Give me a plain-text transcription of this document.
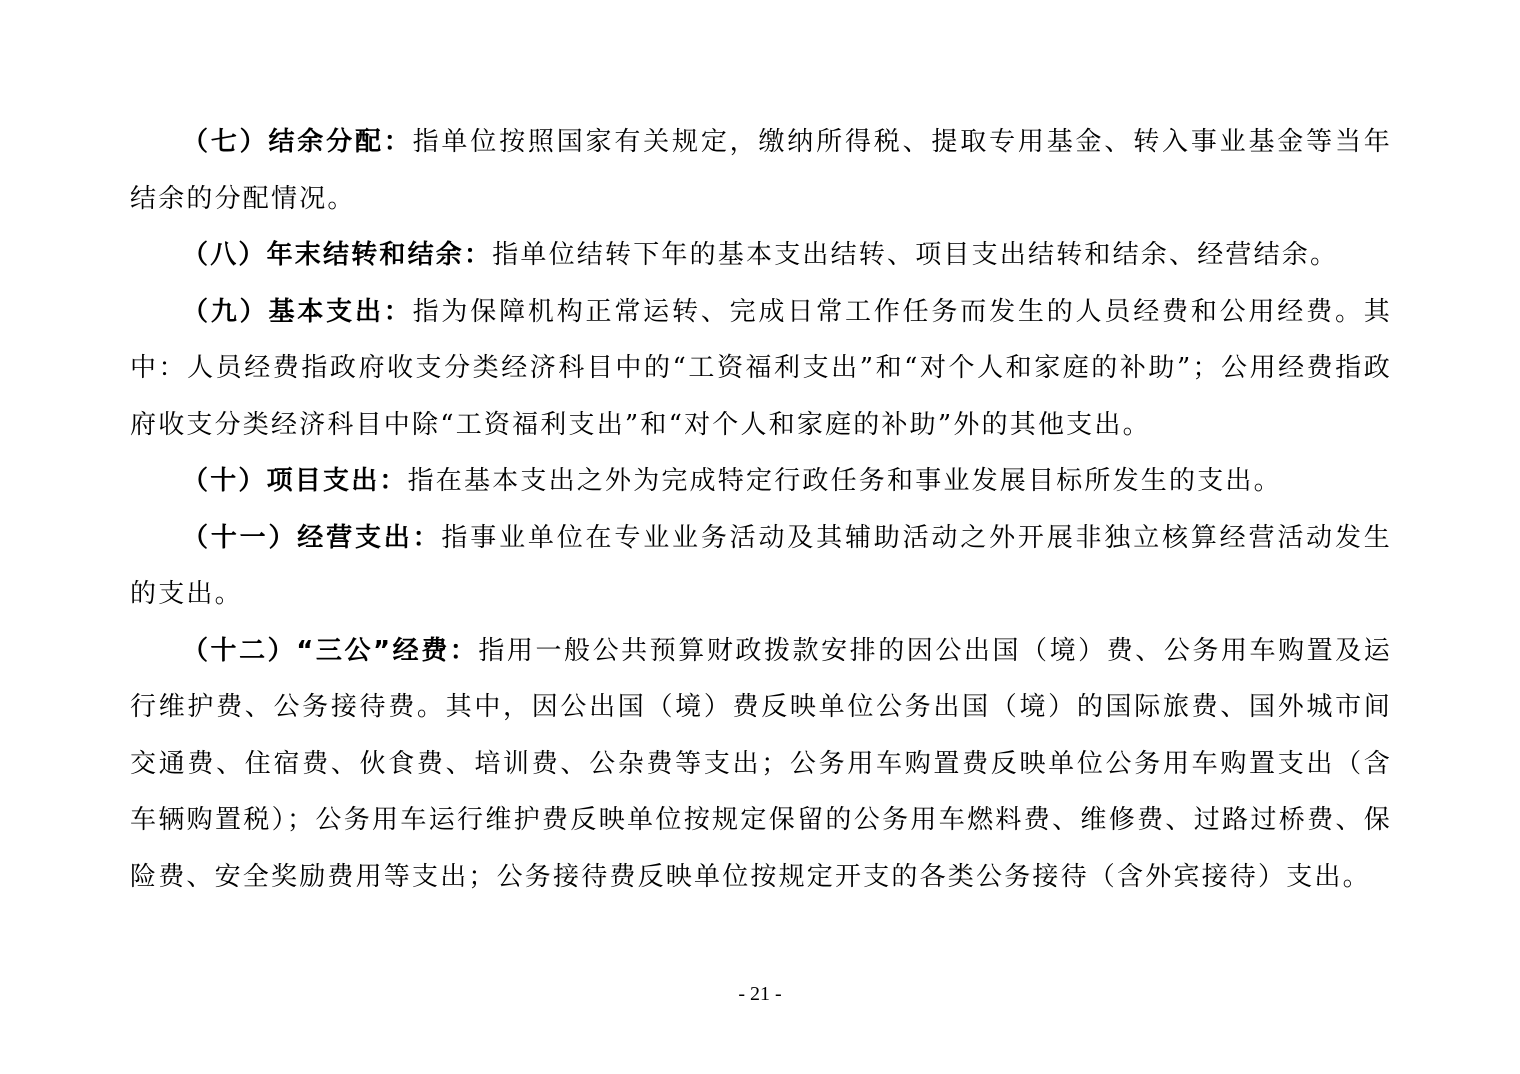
（七）结余分配：指单位按照国家有关规定，缴纳所得税、提取专用基金、转入事业基金等当年结余的分配情况。

（八）年末结转和结余：指单位结转下年的基本支出结转、项目支出结转和结余、经营结余。

（九）基本支出：指为保障机构正常运转、完成日常工作任务而发生的人员经费和公用经费。其中：人员经费指政府收支分类经济科目中的“工资福利支出”和“对个人和家庭的补助”；公用经费指政府收支分类经济科目中除“工资福利支出”和“对个人和家庭的补助”外的其他支出。

（十）项目支出：指在基本支出之外为完成特定行政任务和事业发展目标所发生的支出。

（十一）经营支出：指事业单位在专业业务活动及其辅助活动之外开展非独立核算经营活动发生的支出。

（十二）“三公”经费：指用一般公共预算财政拨款安排的因公出国（境）费、公务用车购置及运行维护费、公务接待费。其中，因公出国（境）费反映单位公务出国（境）的国际旅费、国外城市间交通费、住宿费、伙食费、培训费、公杂费等支出；公务用车购置费反映单位公务用车购置支出（含车辆购置税）；公务用车运行维护费反映单位按规定保留的公务用车燃料费、维修费、过路过桥费、保险费、安全奖励费用等支出；公务接待费反映单位按规定开支的各类公务接待（含外宾接待）支出。

- 21 -
